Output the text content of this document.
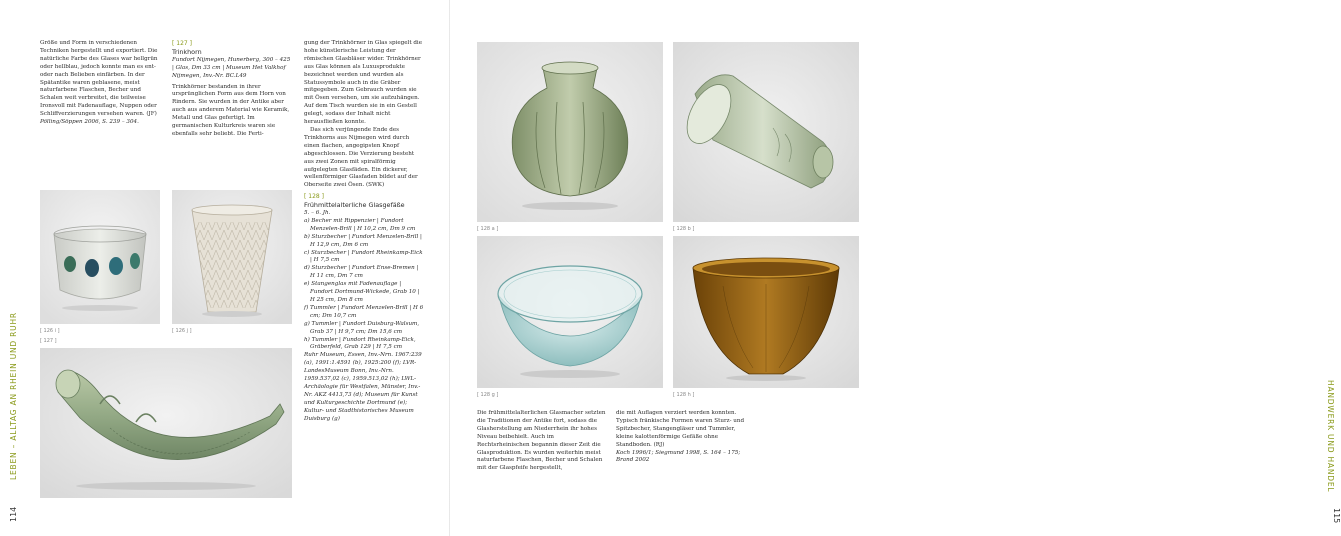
LEBEN – ALLTAG AN RHEIN UND RUHR
114

Größe und Form in verschiedenen Techniken hergestellt und exportiert. Die natürliche Farbe des Glases war hellgrün oder hellblau, jedoch konnte man es ent- oder nach Belieben einfärben. In der Spätantike waren geblasene, meist naturfarbene Flaschen, Becher und Schalen weit verbreitet, die teilweise Ironsvoll mit Fadenauflage, Nuppen oder Schliffverzierungen versehen waren. (JF)

Pölling/Söppen 2006, S. 239 – 304.

[ 127 ]
Trinkhorn

Fundort Nijmegen, Hunerberg, 300 – 425 | Glas, Dm 33 cm | Museum Het Valkhof Nijmegen, Inv.-Nr. BC.L49

Trinkhörner bestanden in ihrer ursprünglichen Form aus dem Horn von Rindern. Sie wurden in der Antike aber auch aus anderem Material wie Keramik, Metall und Glas gefertigt. Im germanischen Kulturkreis waren sie ebenfalls sehr beliebt. Die Ferti-

gung der Trinkhörner in Glas spiegelt die hohe künstlerische Leistung der römischen Glasbläser wider. Trinkhörner aus Glas können als Luxusprodukte bezeichnet werden und wurden als Statussymbole auch in die Gräber mitgegeben. Zum Gebrauch wurden sie mit Ösen versehen, um sie aufzuhängen. Auf dem Tisch wurden sie in ein Gestell gelegt, sodass der Inhalt nicht herausfließen konnte.

Das sich verjüngende Ende des Trinkhorns aus Nijmegen wird durch einen flachen, angegipsten Knopf abgeschlossen. Die Verzierung besteht aus zwei Zonen mit spiralförmig aufgelegten Glasfäden. Ein dickerer, wellenförmiger Glasfaden bildet auf der Oberseite zwei Ösen. (SWK)

[ 128 ]
Frühmittelalterliche Glasgefäße

5. – 6. Jh.

a) Becher mit Rippenzier | Fundort Menzelen-Brill | H 10,2 cm, Dm 9 cm

b) Sturzbecher | Fundort Menzelen-Brill | H 12,9 cm, Dm 6 cm

c) Sturzbecher | Fundort Rheinkamp-Eick | H 7,5 cm

d) Sturzbecher | Fundort Ense-Bremen | H 11 cm, Dm 7 cm

e) Stangenglas mit Fadenauflage | Fundort Dortmund-Wickede, Grab 10 | H 25 cm, Dm 8 cm

f) Tummler | Fundort Menzelen-Brill | H 6 cm; Dm 10,7 cm

g) Tummler | Fundort Duisburg-Walsum, Grab 37 | H 9,7 cm; Dm 15,6 cm

h) Tummler | Fundort Rheinkamp-Eick, Gräberfeld, Grab 129 | H 7,5 cm

Ruhr Museum, Essen, Inv.-Nrn. 1967:239 (a), 1991:1.4591 (b), 1925:200 (f); LVR-LandesMuseum Bonn, Inv.-Nrn. 1959.537,02 (c), 1959.513,02 (h); LWL-Archäologie für Westfalen, Münster, Inv.-Nr. AKZ 4413,73 (d); Museum für Kunst und Kulturgeschichte Dortmund (e); Kultur- und Stadthistorisches Museum Duisburg (g)

[ 126 i ]
[ 127 ]
[ 126 j ]
HANDWERK UND HANDEL
115
[ 128 a ]	[ 128 b ]
[ 128 g ]	[ 128 h ]

Die frühmittelalterlichen Glasmacher setzten die Traditionen der Antike fort, sodass die Glasherstellung am Niederrhein ihr hohes Niveau beibehielt. Auch im Rechtsrheinischen begannin dieser Zeit die Glasproduktion. Es wurden weiterhin meist naturfarbene Flaschen, Becher und Schalen mit der Glaspfeife hergestellt,

die mit Auflagen verziert werden konnten. Typisch fränkische Formen waren Sturz- und Spitzbecher, Stangengläser und Tummler, kleine kalottenförmige Gefäße ohne Standboden. (RJ)

Koch 1996/1; Siegmund 1998, S. 164 – 175; Brand 2002
